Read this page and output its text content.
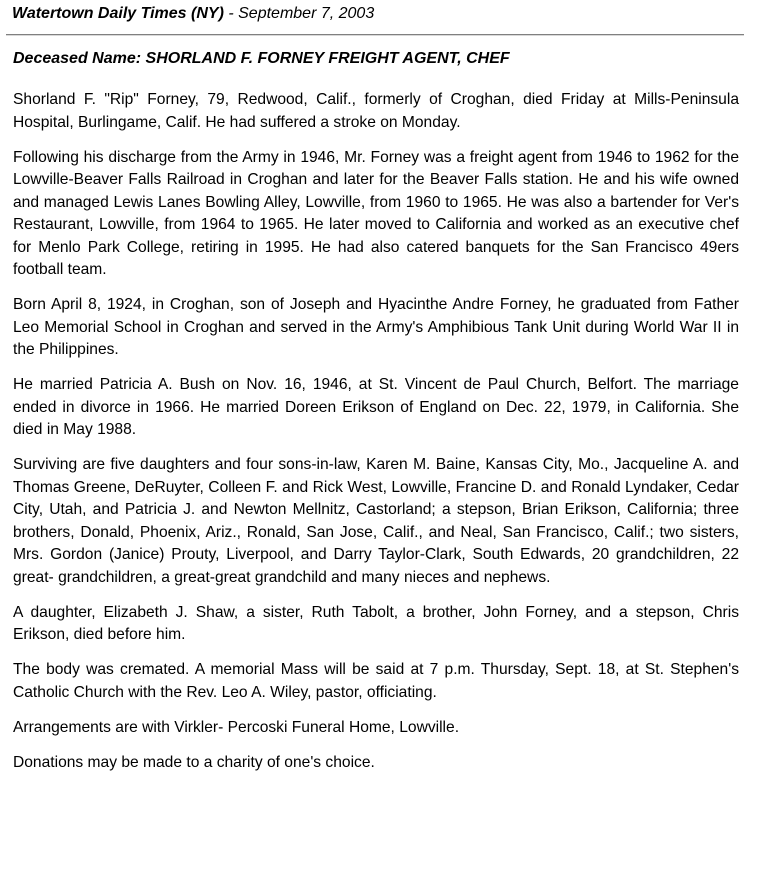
Watertown Daily Times (NY) - September 7, 2003
Deceased Name: SHORLAND F. FORNEY FREIGHT AGENT, CHEF

Shorland F. "Rip" Forney, 79, Redwood, Calif., formerly of Croghan, died Friday at Mills-Peninsula Hospital, Burlingame, Calif. He had suffered a stroke on Monday.

Following his discharge from the Army in 1946, Mr. Forney was a freight agent from 1946 to 1962 for the Lowville-Beaver Falls Railroad in Croghan and later for the Beaver Falls station. He and his wife owned and managed Lewis Lanes Bowling Alley, Lowville, from 1960 to 1965. He was also a bartender for Ver's Restaurant, Lowville, from 1964 to 1965. He later moved to California and worked as an executive chef for Menlo Park College, retiring in 1995. He had also catered banquets for the San Francisco 49ers football team.

Born April 8, 1924, in Croghan, son of Joseph and Hyacinthe Andre Forney, he graduated from Father Leo Memorial School in Croghan and served in the Army's Amphibious Tank Unit during World War II in the Philippines.

He married Patricia A. Bush on Nov. 16, 1946, at St. Vincent de Paul Church, Belfort. The marriage ended in divorce in 1966. He married Doreen Erikson of England on Dec. 22, 1979, in California. She died in May 1988.

Surviving are five daughters and four sons-in-law, Karen M. Baine, Kansas City, Mo., Jacqueline A. and Thomas Greene, DeRuyter, Colleen F. and Rick West, Lowville, Francine D. and Ronald Lyndaker, Cedar City, Utah, and Patricia J. and Newton Mellnitz, Castorland; a stepson, Brian Erikson, California; three brothers, Donald, Phoenix, Ariz., Ronald, San Jose, Calif., and Neal, San Francisco, Calif.; two sisters, Mrs. Gordon (Janice) Prouty, Liverpool, and Darry Taylor-Clark, South Edwards, 20 grandchildren, 22 great- grandchildren, a great-great grandchild and many nieces and nephews.

A daughter, Elizabeth J. Shaw, a sister, Ruth Tabolt, a brother, John Forney, and a stepson, Chris Erikson, died before him.

The body was cremated. A memorial Mass will be said at 7 p.m. Thursday, Sept. 18, at St. Stephen's Catholic Church with the Rev. Leo A. Wiley, pastor, officiating.

Arrangements are with Virkler- Percoski Funeral Home, Lowville.

Donations may be made to a charity of one's choice.
